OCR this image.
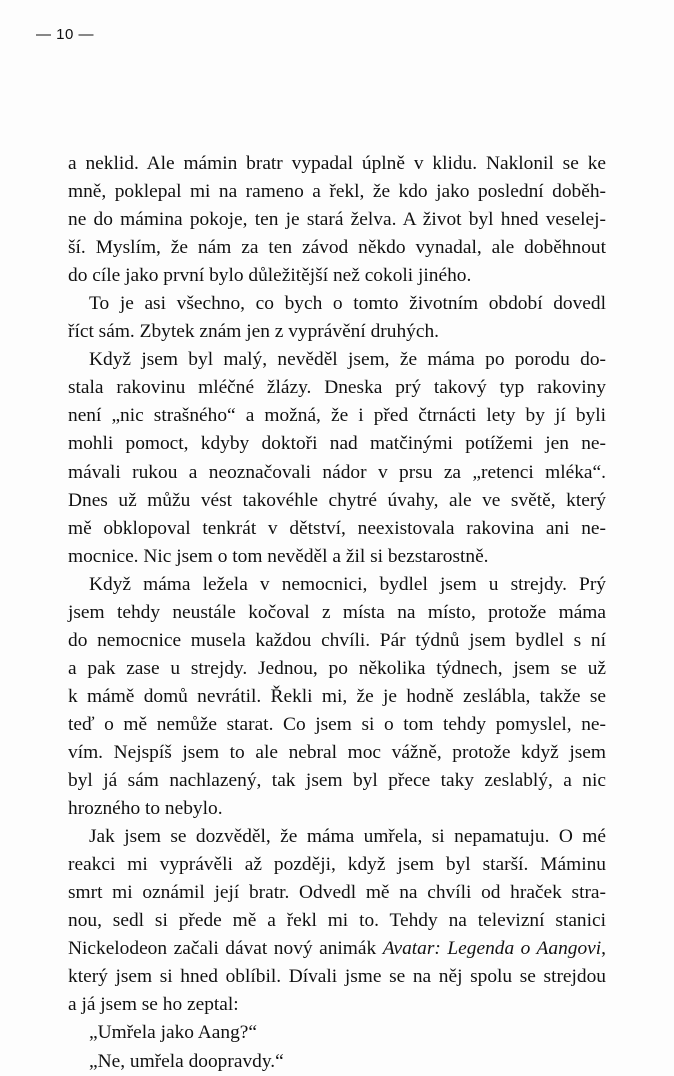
— 10 —

a neklid. Ale mámin bratr vypadal úplně v klidu. Naklonil se ke
mně, poklepal mi na rameno a řekl, že kdo jako poslední doběh-
ne do mámina pokoje, ten je stará želva. A život byl hned veselej-
ší. Myslím, že nám za ten závod někdo vynadal, ale doběhnout
do cíle jako první bylo důležitější než cokoli jiného.

To je asi všechno, co bych o tomto životním období dovedl
říct sám. Zbytek znám jen z vyprávění druhých.

Když jsem byl malý, nevěděl jsem, že máma po porodu do-
stala rakovinu mléčné žlázy. Dneska prý takový typ rakoviny
není „nic strašného“ a možná, že i před čtrnácti lety by jí byli
mohli pomoct, kdyby doktoři nad matčinými potížemi jen ne-
mávali rukou a neoznačovali nádor v prsu za „retenci mléka“.
Dnes už můžu vést takovéhle chytré úvahy, ale ve světě, který
mě obklopoval tenkrát v dětství, neexistovala rakovina ani ne-
mocnice. Nic jsem o tom nevěděl a žil si bezstarostně.

Když máma ležela v nemocnici, bydlel jsem u strejdy. Prý
jsem tehdy neustále kočoval z místa na místo, protože máma
do nemocnice musela každou chvíli. Pár týdnů jsem bydlel s ní
a pak zase u strejdy. Jednou, po několika týdnech, jsem se už
k mámě domů nevrátil. Řekli mi, že je hodně zeslábla, takže se
teď o mě nemůže starat. Co jsem si o tom tehdy pomyslel, ne-
vím. Nejspíš jsem to ale nebral moc vážně, protože když jsem
byl já sám nachlazený, tak jsem byl přece taky zeslablý, a nic
hrozného to nebylo.

Jak jsem se dozvěděl, že máma umřela, si nepamatuju. O mé
reakci mi vyprávěli až později, když jsem byl starší. Máminu
smrt mi oznámil její bratr. Odvedl mě na chvíli od hraček stra-
nou, sedl si přede mě a řekl mi to. Tehdy na televizní stanici
Nickelodeon začali dávat nový animák Avatar: Legenda o Aangovi,
který jsem si hned oblíbil. Dívali jsme se na něj spolu se strejdou
a já jsem se ho zeptal:

„Umřela jako Aang?“

„Ne, umřela doopravdy.“
